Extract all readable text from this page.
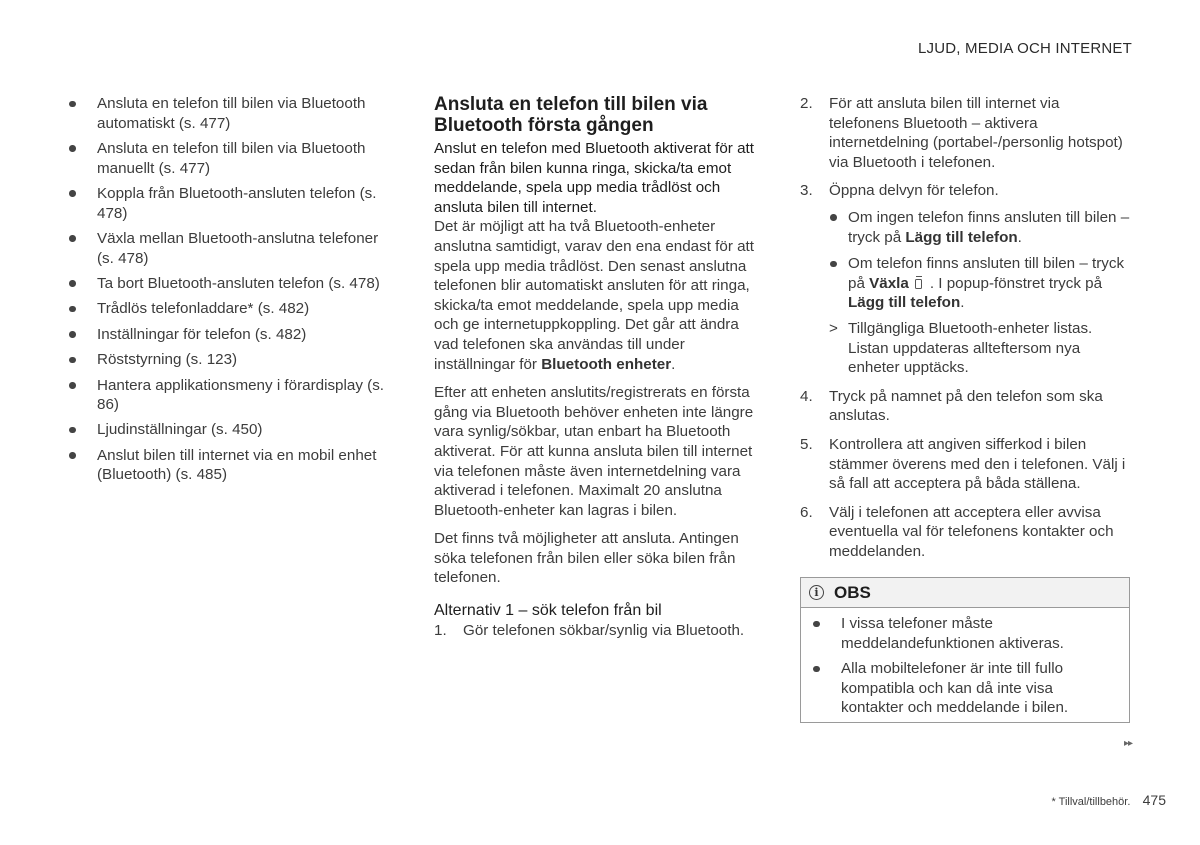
LJUD, MEDIA OCH INTERNET
Ansluta en telefon till bilen via Bluetooth automatiskt (s. 477)
Ansluta en telefon till bilen via Bluetooth manuellt (s. 477)
Koppla från Bluetooth-ansluten telefon (s. 478)
Växla mellan Bluetooth-anslutna telefoner (s. 478)
Ta bort Bluetooth-ansluten telefon (s. 478)
Trådlös telefonladdare* (s. 482)
Inställningar för telefon (s. 482)
Röststyrning (s. 123)
Hantera applikationsmeny i förardisplay (s. 86)
Ljudinställningar (s. 450)
Anslut bilen till internet via en mobil enhet (Bluetooth) (s. 485)
Ansluta en telefon till bilen via Bluetooth första gången

Anslut en telefon med Bluetooth aktiverat för att sedan från bilen kunna ringa, skicka/ta emot meddelande, spela upp media trådlöst och ansluta bilen till internet.

Det är möjligt att ha två Bluetooth-enheter anslutna samtidigt, varav den ena endast för att spela upp media trådlöst. Den senast anslutna telefonen blir automatiskt ansluten för att ringa, skicka/ta emot meddelande, spela upp media och ge internetuppkoppling. Det går att ändra vad telefonen ska användas till under inställningar för Bluetooth enheter.

Efter att enheten anslutits/registrerats en första gång via Bluetooth behöver enheten inte längre vara synlig/sökbar, utan enbart ha Bluetooth aktiverat. För att kunna ansluta bilen till internet via telefonen måste även internetdelning vara aktiverad i telefonen. Maximalt 20 anslutna Bluetooth-enheter kan lagras i bilen.

Det finns två möjligheter att ansluta. Antingen söka telefonen från bilen eller söka bilen från telefonen.

Alternativ 1 – sök telefon från bil
1. Gör telefonen sökbar/synlig via Bluetooth.
2. För att ansluta bilen till internet via telefonens Bluetooth – aktivera internetdelning (portabel-/personlig hotspot) via Bluetooth i telefonen.
3. Öppna delvyn för telefon.
Om ingen telefon finns ansluten till bilen – tryck på Lägg till telefon.
Om telefon finns ansluten till bilen – tryck på Växla . I popup-fönstret tryck på Lägg till telefon.
> Tillgängliga Bluetooth-enheter listas. Listan uppdateras allteftersom nya enheter upptäcks.
4. Tryck på namnet på den telefon som ska anslutas.
5. Kontrollera att angiven sifferkod i bilen stämmer överens med den i telefonen. Välj i så fall att acceptera på båda ställena.
6. Välj i telefonen att acceptera eller avvisa eventuella val för telefonens kontakter och meddelanden.
i OBS
I vissa telefoner måste meddelandefunktionen aktiveras.
Alla mobiltelefoner är inte till fullo kompatibla och kan då inte visa kontakter och meddelande i bilen.
▸▸
* Tillval/tillbehör. 475
